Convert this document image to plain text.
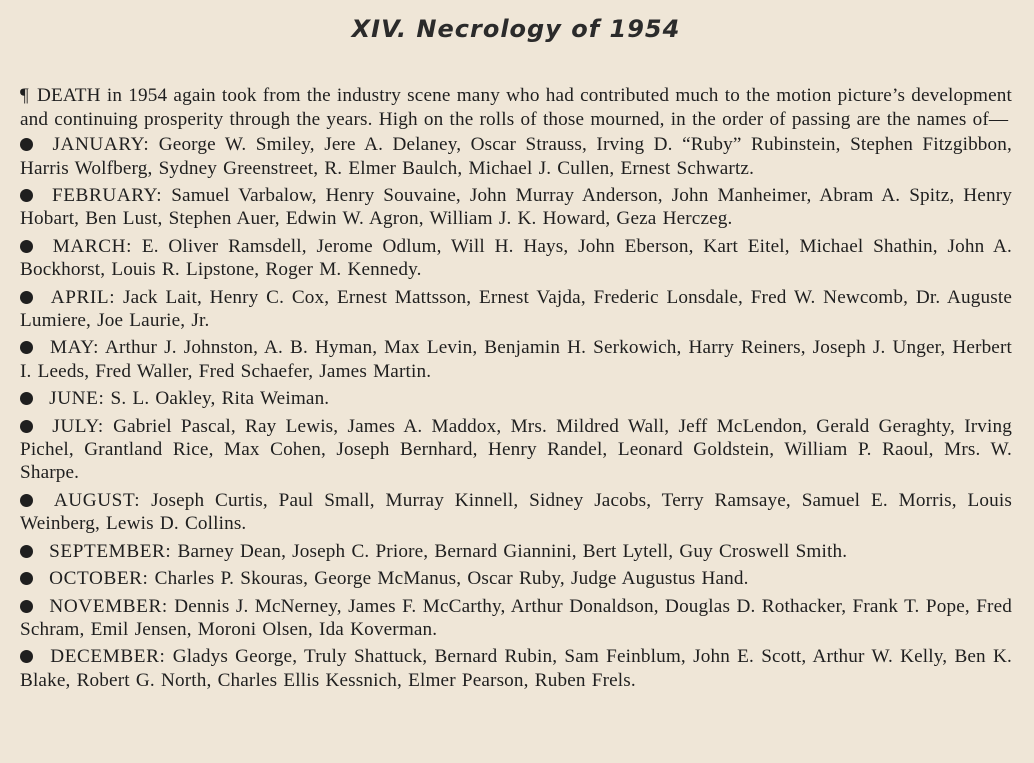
XIV. Necrology of 1954

¶ DEATH in 1954 again took from the industry scene many who had contributed much to the motion picture’s development and continuing prosperity through the years. High on the rolls of those mourned, in the order of passing are the names of—

JANUARY: George W. Smiley, Jere A. Delaney, Oscar Strauss, Irving D. “Ruby” Rubinstein, Stephen Fitzgibbon, Harris Wolfberg, Sydney Greenstreet, R. Elmer Baulch, Michael J. Cullen, Ernest Schwartz.

FEBRUARY: Samuel Varbalow, Henry Souvaine, John Murray Anderson, John Manheimer, Abram A. Spitz, Henry Hobart, Ben Lust, Stephen Auer, Edwin W. Agron, William J. K. Howard, Geza Herczeg.

MARCH: E. Oliver Ramsdell, Jerome Odlum, Will H. Hays, John Eberson, Kart Eitel, Michael Shathin, John A. Bockhorst, Louis R. Lipstone, Roger M. Kennedy.

APRIL: Jack Lait, Henry C. Cox, Ernest Mattsson, Ernest Vajda, Frederic Lonsdale, Fred W. Newcomb, Dr. Auguste Lumiere, Joe Laurie, Jr.

MAY: Arthur J. Johnston, A. B. Hyman, Max Levin, Benjamin H. Serkowich, Harry Reiners, Joseph J. Unger, Herbert I. Leeds, Fred Waller, Fred Schaefer, James Martin.

JUNE: S. L. Oakley, Rita Weiman.

JULY: Gabriel Pascal, Ray Lewis, James A. Maddox, Mrs. Mildred Wall, Jeff McLendon, Gerald Geraghty, Irving Pichel, Grantland Rice, Max Cohen, Joseph Bernhard, Henry Randel, Leonard Goldstein, William P. Raoul, Mrs. W. Sharpe.

AUGUST: Joseph Curtis, Paul Small, Murray Kinnell, Sidney Jacobs, Terry Ramsaye, Samuel E. Morris, Louis Weinberg, Lewis D. Collins.

SEPTEMBER: Barney Dean, Joseph C. Priore, Bernard Giannini, Bert Lytell, Guy Croswell Smith.

OCTOBER: Charles P. Skouras, George McManus, Oscar Ruby, Judge Augustus Hand.

NOVEMBER: Dennis J. McNerney, James F. McCarthy, Arthur Donaldson, Douglas D. Rothacker, Frank T. Pope, Fred Schram, Emil Jensen, Moroni Olsen, Ida Koverman.

DECEMBER: Gladys George, Truly Shattuck, Bernard Rubin, Sam Feinblum, John E. Scott, Arthur W. Kelly, Ben K. Blake, Robert G. North, Charles Ellis Kessnich, Elmer Pearson, Ruben Frels.
